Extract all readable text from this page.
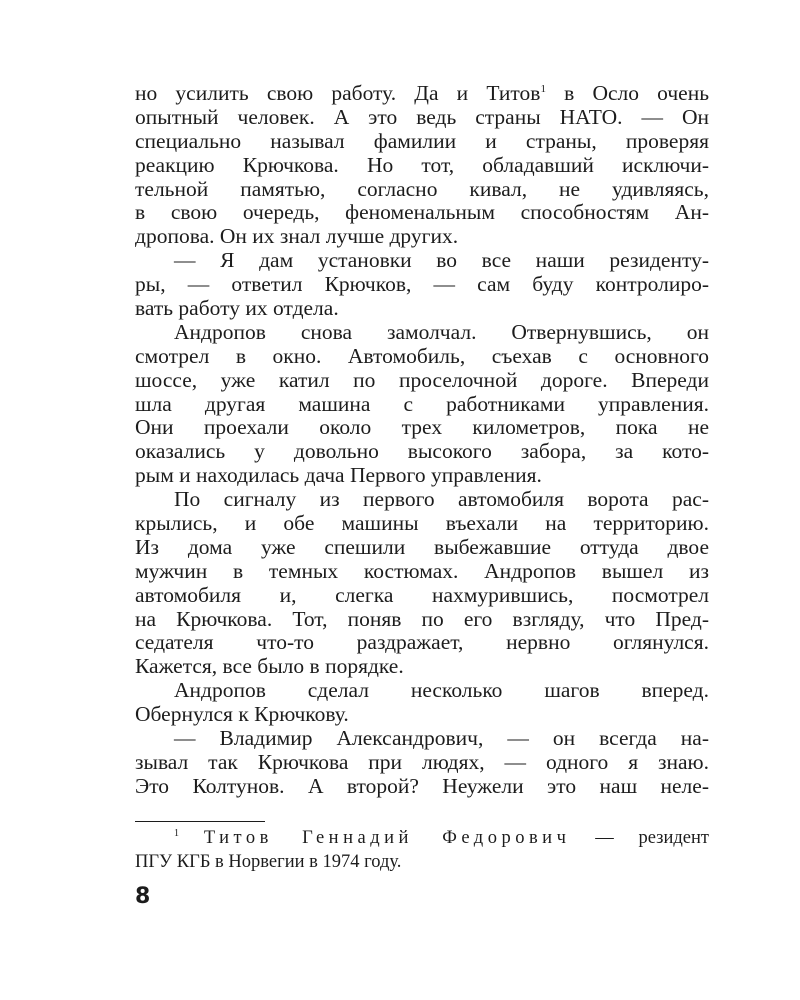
но усилить свою работу. Да и Титов$^1$ в Осло очень
опытный человек. А это ведь страны НАТО. — Он
специально называл фамилии и страны, проверяя
реакцию Крючкова. Но тот, обладавший исключи-
тельной памятью, согласно кивал, не удивляясь,
в свою очередь, феноменальным способностям Ан-
дропова. Он их знал лучше других.
— Я дам установки во все наши резиденту-
ры, — ответил Крючков, — сам буду контролиро-
вать работу их отдела.
Андропов снова замолчал. Отвернувшись, он
смотрел в окно. Автомобиль, съехав с основного
шоссе, уже катил по проселочной дороге. Впереди
шла другая машина с работниками управления.
Они проехали около трех километров, пока не
оказались у довольно высокого забора, за кото-
рым и находилась дача Первого управления.
По сигналу из первого автомобиля ворота рас-
крылись, и обе машины въехали на территорию.
Из дома уже спешили выбежавшие оттуда двое
мужчин в темных костюмах. Андропов вышел из
автомобиля и, слегка нахмурившись, посмотрел
на Крючкова. Тот, поняв по его взгляду, что Пред-
седателя что-то раздражает, нервно оглянулся.
Кажется, все было в порядке.
Андропов сделал несколько шагов вперед.
Обернулся к Крючкову.
— Владимир Александрович, — он всегда на-
зывал так Крючкова при людях, — одного я знаю.
Это Колтунов. А второй? Неужели это наш неле-
$^1$ Титов Геннадий Федорович — резидент
ПГУ КГБ в Норвегии в 1974 году.
8
